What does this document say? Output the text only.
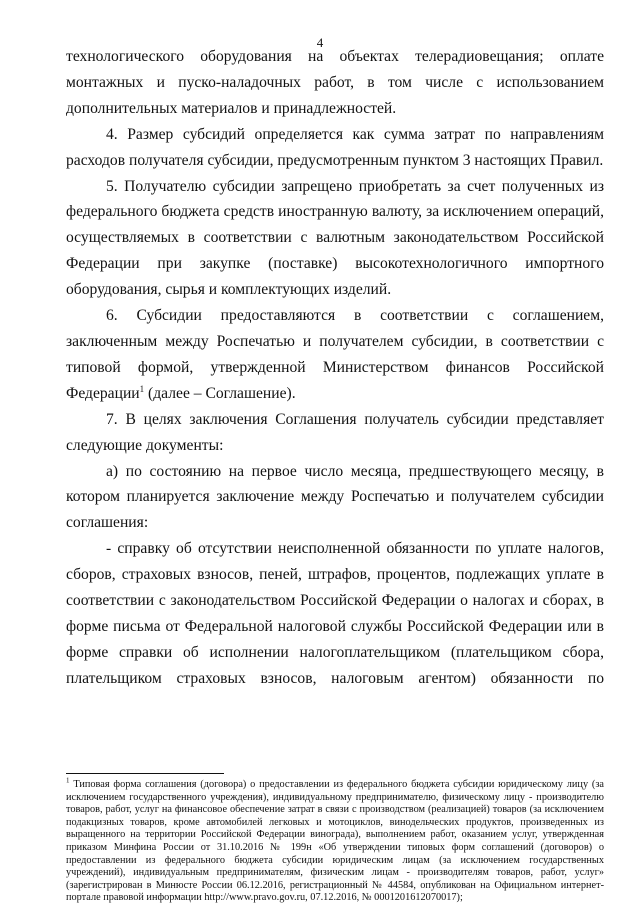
4

технологического оборудования на объектах телерадиовещания; оплате монтажных и пуско-наладочных работ, в том числе с использованием дополнительных материалов и принадлежностей.

4. Размер субсидий определяется как сумма затрат по направлениям расходов получателя субсидии, предусмотренным пунктом 3 настоящих Правил.

5. Получателю субсидии запрещено приобретать за счет полученных из федерального бюджета средств иностранную валюту, за исключением операций, осуществляемых в соответствии с валютным законодательством Российской Федерации при закупке (поставке) высокотехнологичного импортного оборудования, сырья и комплектующих изделий.

6. Субсидии предоставляются в соответствии с соглашением, заключенным между Роспечатью и получателем субсидии, в соответствии с типовой формой, утвержденной Министерством финансов Российской Федерации$^1$ (далее – Соглашение).

7. В целях заключения Соглашения получатель субсидии представляет следующие документы:

а) по состоянию на первое число месяца, предшествующего месяцу, в котором планируется заключение между Роспечатью и получателем субсидии соглашения:

- справку об отсутствии неисполненной обязанности по уплате налогов, сборов, страховых взносов, пеней, штрафов, процентов, подлежащих уплате в соответствии с законодательством Российской Федерации о налогах и сборах, в форме письма от Федеральной налоговой службы Российской Федерации или в форме справки об исполнении налогоплательщиком (плательщиком сбора, плательщиком страховых взносов, налоговым агентом) обязанности по

$^1$ Типовая форма соглашения (договора) о предоставлении из федерального бюджета субсидии юридическому лицу (за исключением государственного учреждения), индивидуальному предпринимателю, физическому лицу - производителю товаров, работ, услуг на финансовое обеспечение затрат в связи с производством (реализацией) товаров (за исключением подакцизных товаров, кроме автомобилей легковых и мотоциклов, винодельческих продуктов, произведенных из выращенного на территории Российской Федерации винограда), выполнением работ, оказанием услуг, утвержденная приказом Минфина России от 31.10.2016 № 199н «Об утверждении типовых форм соглашений (договоров) о предоставлении из федерального бюджета субсидии юридическим лицам (за исключением государственных учреждений), индивидуальным предпринимателям, физическим лицам - производителям товаров, работ, услуг» (зарегистрирован в Минюсте России 06.12.2016, регистрационный № 44584, опубликован на Официальном интернет-портале правовой информации http://www.pravo.gov.ru, 07.12.2016, № 0001201612070017);
